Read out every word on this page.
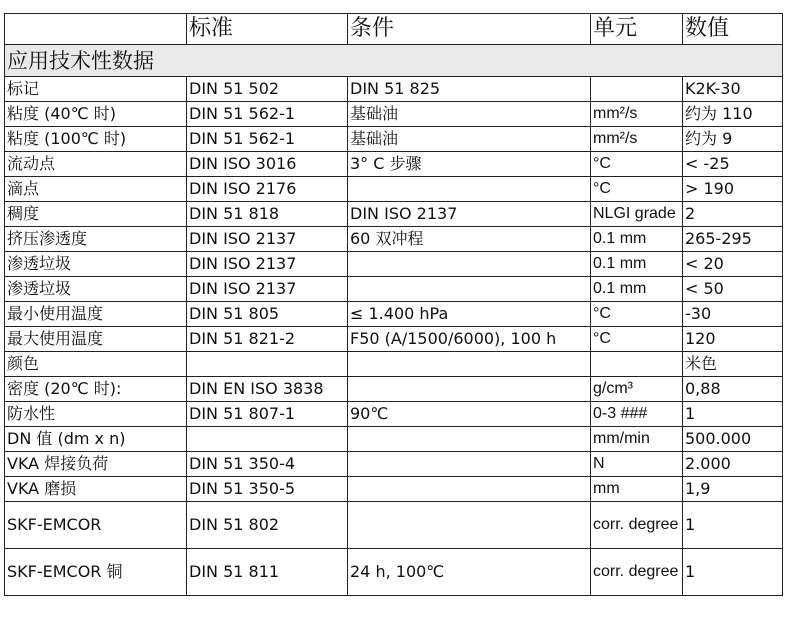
	标准	条件	单元	数值
应用技术性数据				
标记	DIN 51 502	DIN 51 825		K2K-30
粘度 (40℃ 时)	DIN 51 562-1	基础油	mm²/s	约为 110
粘度 (100℃ 时)	DIN 51 562-1	基础油	mm²/s	约为 9
流动点	DIN ISO 3016	3° C 步骤	°C	< -25
滴点	DIN ISO 2176		°C	> 190
稠度	DIN 51 818	DIN ISO 2137	NLGI grade	2
挤压渗透度	DIN ISO 2137	60 双冲程	0.1 mm	265-295
渗透垃圾	DIN ISO 2137		0.1 mm	< 20
渗透垃圾	DIN ISO 2137		0.1 mm	< 50
最小使用温度	DIN 51 805	≤ 1.400 hPa	°C	-30
最大使用温度	DIN 51 821-2	F50 (A/1500/6000), 100 h	°C	120
颜色				米色
密度 (20℃ 时):	DIN EN ISO 3838		g/cm³	0,88
防水性	DIN 51 807-1	90℃	0-3 ###	1
DN 值 (dm x n)			mm/min	500.000
VKA 焊接负荷	DIN 51 350-4		N	2.000
VKA 磨损	DIN 51 350-5		mm	1,9
SKF-EMCOR	DIN 51 802		corr. degree	1
SKF-EMCOR 铜	DIN 51 811	24 h, 100℃	corr. degree	1
